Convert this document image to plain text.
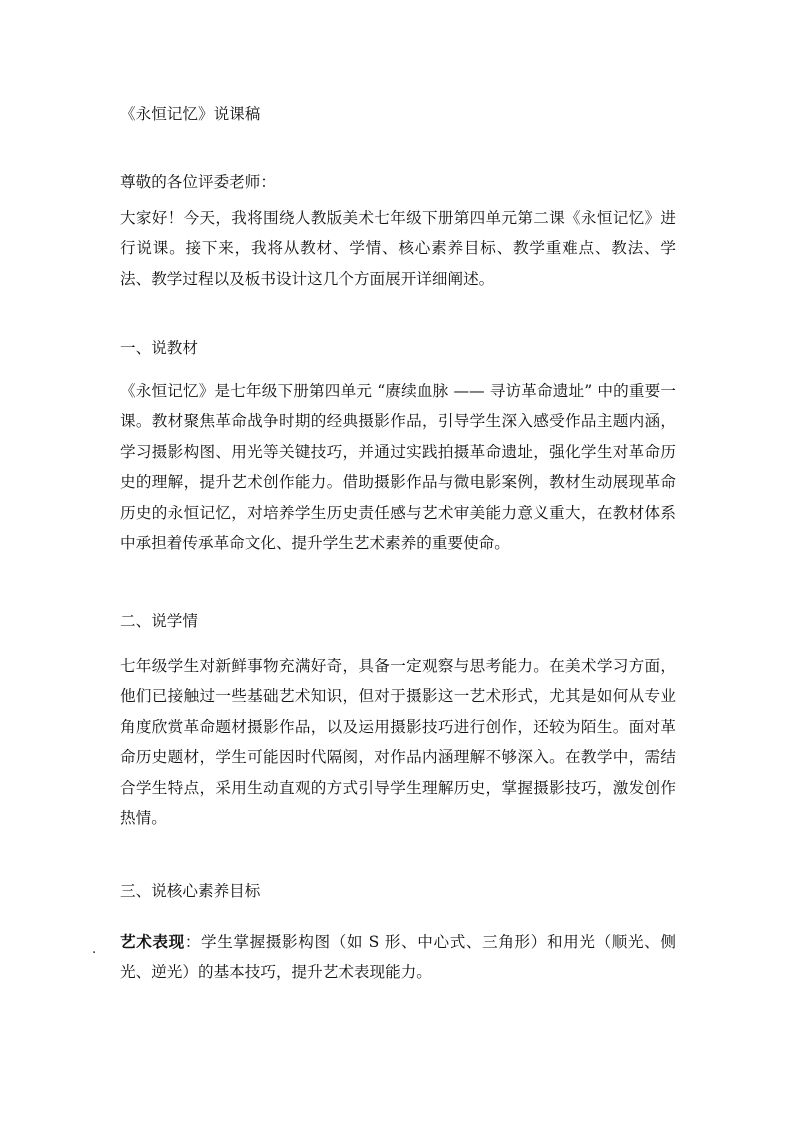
《永恒记忆》说课稿

尊敬的各位评委老师：

大家好！今天，我将围绕人教版美术七年级下册第四单元第二课《永恒记忆》进行说课。接下来，我将从教材、学情、核心素养目标、教学重难点、教法、学法、教学过程以及板书设计这几个方面展开详细阐述。

一、说教材

《永恒记忆》是七年级下册第四单元 “赓续血脉 —— 寻访革命遗址” 中的重要一课。教材聚焦革命战争时期的经典摄影作品，引导学生深入感受作品主题内涵，学习摄影构图、用光等关键技巧，并通过实践拍摄革命遗址，强化学生对革命历史的理解，提升艺术创作能力。借助摄影作品与微电影案例，教材生动展现革命历史的永恒记忆，对培养学生历史责任感与艺术审美能力意义重大，在教材体系中承担着传承革命文化、提升学生艺术素养的重要使命。

二、说学情

七年级学生对新鲜事物充满好奇，具备一定观察与思考能力。在美术学习方面，他们已接触过一些基础艺术知识，但对于摄影这一艺术形式，尤其是如何从专业角度欣赏革命题材摄影作品，以及运用摄影技巧进行创作，还较为陌生。面对革命历史题材，学生可能因时代隔阂，对作品内涵理解不够深入。在教学中，需结合学生特点，采用生动直观的方式引导学生理解历史，掌握摄影技巧，激发创作热情。

三、说核心素养目标

. 艺术表现：学生掌握摄影构图（如 S 形、中心式、三角形）和用光（顺光、侧光、逆光）的基本技巧，提升艺术表现能力。
